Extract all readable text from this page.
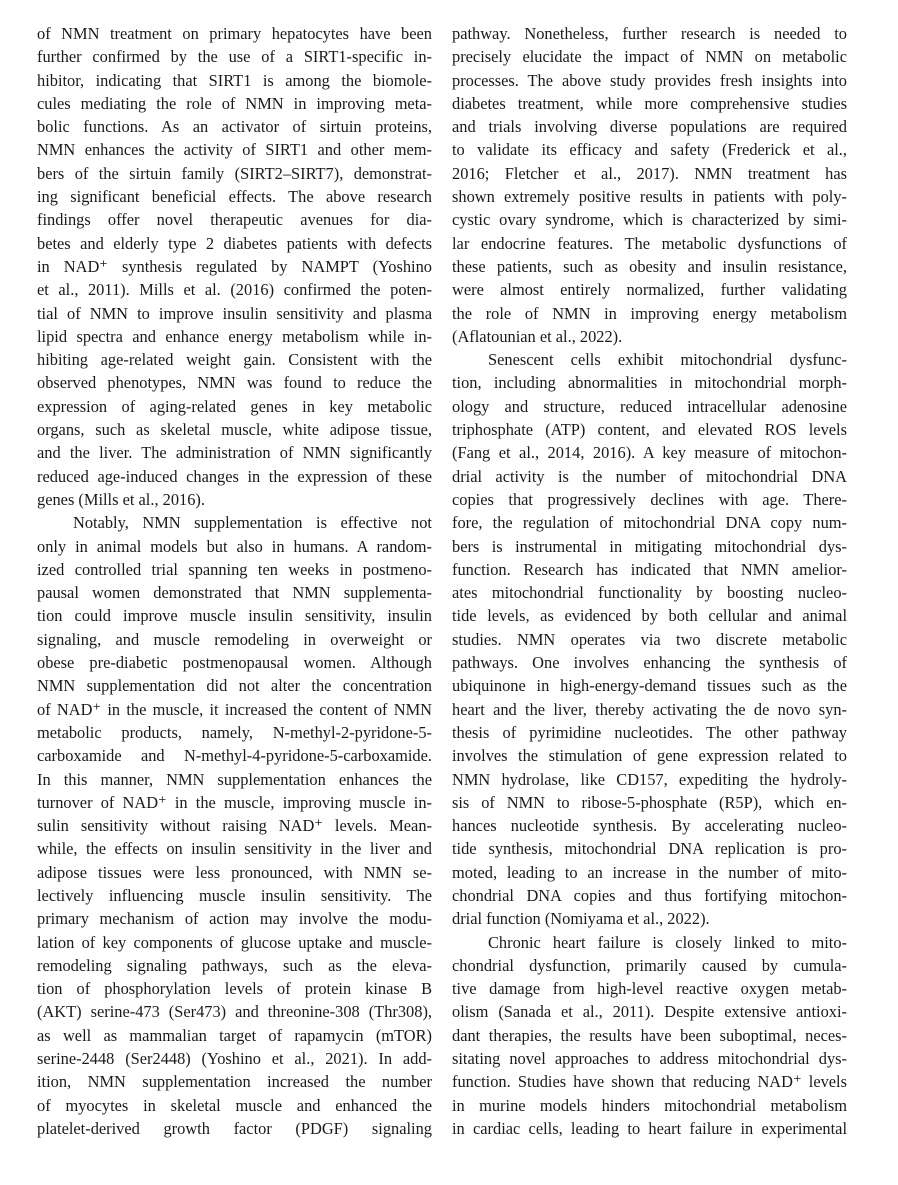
of NMN treatment on primary hepatocytes have been
further confirmed by the use of a SIRT1-specific in-
hibitor, indicating that SIRT1 is among the biomole-
cules mediating the role of NMN in improving meta-
bolic functions. As an activator of sirtuin proteins,
NMN enhances the activity of SIRT1 and other mem-
bers of the sirtuin family (SIRT2–SIRT7), demonstrat-
ing significant beneficial effects. The above research
findings offer novel therapeutic avenues for dia-
betes and elderly type 2 diabetes patients with defects
in NAD⁺ synthesis regulated by NAMPT (Yoshino
et al., 2011). Mills et al. (2016) confirmed the poten-
tial of NMN to improve insulin sensitivity and plasma
lipid spectra and enhance energy metabolism while in-
hibiting age-related weight gain. Consistent with the
observed phenotypes, NMN was found to reduce the
expression of aging-related genes in key metabolic
organs, such as skeletal muscle, white adipose tissue,
and the liver. The administration of NMN significantly
reduced age-induced changes in the expression of these
genes (Mills et al., 2016).
Notably, NMN supplementation is effective not
only in animal models but also in humans. A random-
ized controlled trial spanning ten weeks in postmeno-
pausal women demonstrated that NMN supplementa-
tion could improve muscle insulin sensitivity, insulin
signaling, and muscle remodeling in overweight or
obese pre-diabetic postmenopausal women. Although
NMN supplementation did not alter the concentration
of NAD⁺ in the muscle, it increased the content of NMN
metabolic products, namely, N-methyl-2-pyridone-5-
carboxamide and N-methyl-4-pyridone-5-carboxamide.
In this manner, NMN supplementation enhances the
turnover of NAD⁺ in the muscle, improving muscle in-
sulin sensitivity without raising NAD⁺ levels. Mean-
while, the effects on insulin sensitivity in the liver and
adipose tissues were less pronounced, with NMN se-
lectively influencing muscle insulin sensitivity. The
primary mechanism of action may involve the modu-
lation of key components of glucose uptake and muscle-
remodeling signaling pathways, such as the eleva-
tion of phosphorylation levels of protein kinase B
(AKT) serine-473 (Ser473) and threonine-308 (Thr308),
as well as mammalian target of rapamycin (mTOR)
serine-2448 (Ser2448) (Yoshino et al., 2021). In add-
ition, NMN supplementation increased the number
of myocytes in skeletal muscle and enhanced the
platelet-derived growth factor (PDGF) signaling
pathway. Nonetheless, further research is needed to
precisely elucidate the impact of NMN on metabolic
processes. The above study provides fresh insights into
diabetes treatment, while more comprehensive studies
and trials involving diverse populations are required
to validate its efficacy and safety (Frederick et al.,
2016; Fletcher et al., 2017). NMN treatment has
shown extremely positive results in patients with poly-
cystic ovary syndrome, which is characterized by simi-
lar endocrine features. The metabolic dysfunctions of
these patients, such as obesity and insulin resistance,
were almost entirely normalized, further validating
the role of NMN in improving energy metabolism
(Aflatounian et al., 2022).
Senescent cells exhibit mitochondrial dysfunc-
tion, including abnormalities in mitochondrial morph-
ology and structure, reduced intracellular adenosine
triphosphate (ATP) content, and elevated ROS levels
(Fang et al., 2014, 2016). A key measure of mitochon-
drial activity is the number of mitochondrial DNA
copies that progressively declines with age. There-
fore, the regulation of mitochondrial DNA copy num-
bers is instrumental in mitigating mitochondrial dys-
function. Research has indicated that NMN amelior-
ates mitochondrial functionality by boosting nucleo-
tide levels, as evidenced by both cellular and animal
studies. NMN operates via two discrete metabolic
pathways. One involves enhancing the synthesis of
ubiquinone in high-energy-demand tissues such as the
heart and the liver, thereby activating the de novo syn-
thesis of pyrimidine nucleotides. The other pathway
involves the stimulation of gene expression related to
NMN hydrolase, like CD157, expediting the hydroly-
sis of NMN to ribose-5-phosphate (R5P), which en-
hances nucleotide synthesis. By accelerating nucleo-
tide synthesis, mitochondrial DNA replication is pro-
moted, leading to an increase in the number of mito-
chondrial DNA copies and thus fortifying mitochon-
drial function (Nomiyama et al., 2022).
Chronic heart failure is closely linked to mito-
chondrial dysfunction, primarily caused by cumula-
tive damage from high-level reactive oxygen metab-
olism (Sanada et al., 2011). Despite extensive antioxi-
dant therapies, the results have been suboptimal, neces-
sitating novel approaches to address mitochondrial dys-
function. Studies have shown that reducing NAD⁺ levels
in murine models hinders mitochondrial metabolism
in cardiac cells, leading to heart failure in experimental
